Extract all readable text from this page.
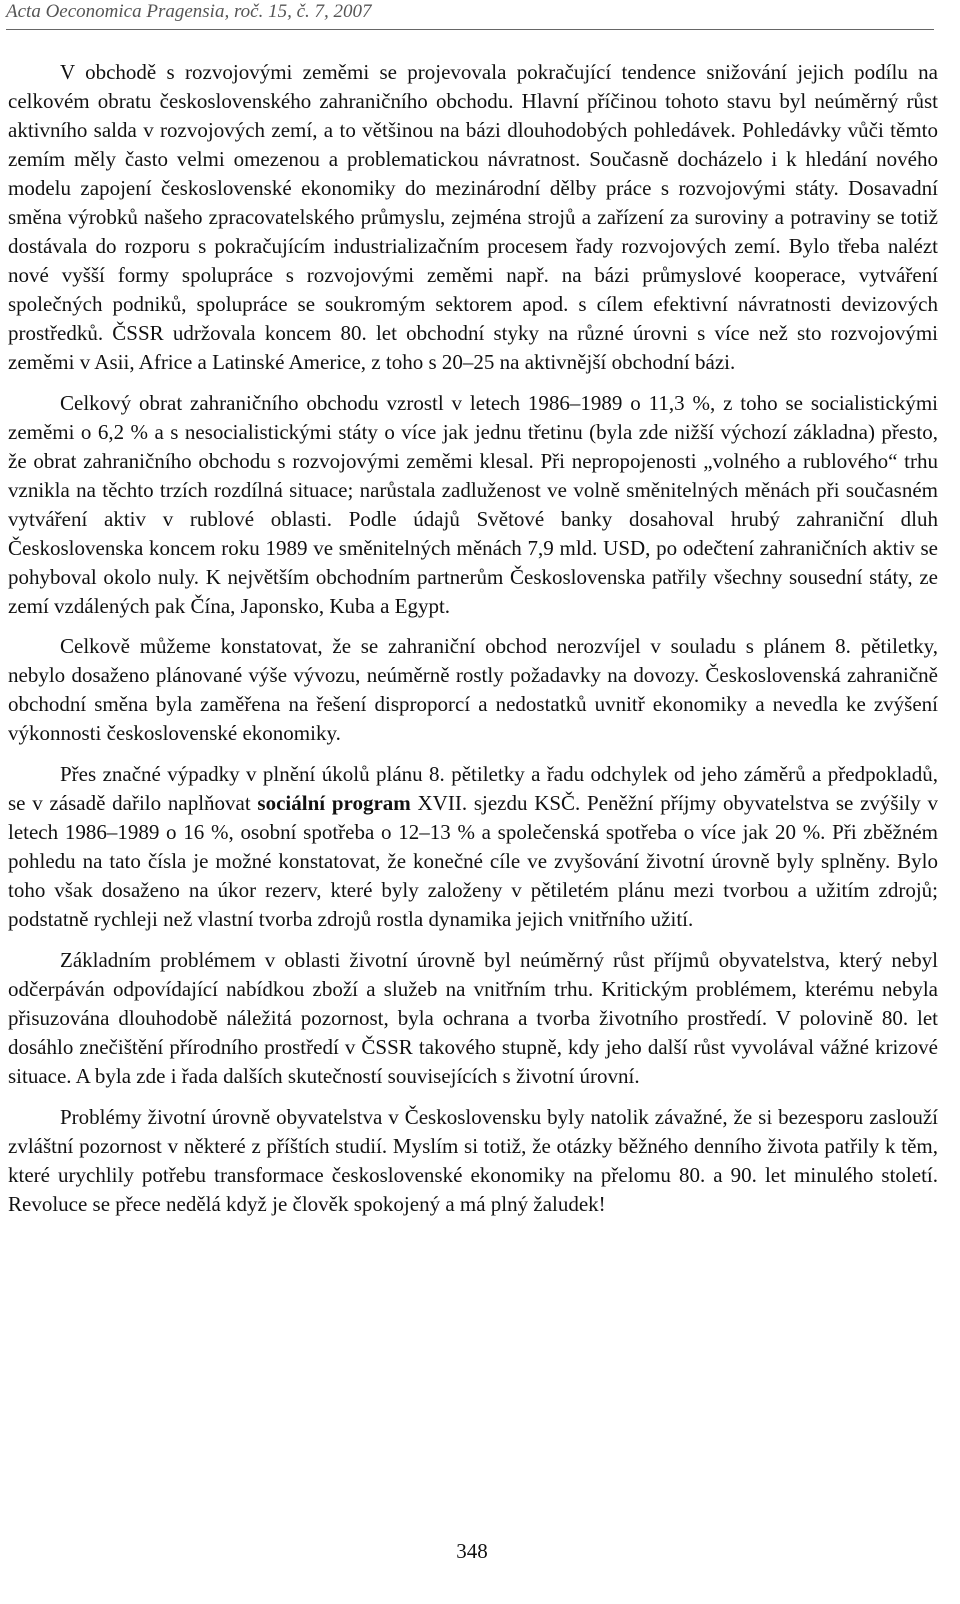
Acta Oeconomica Pragensia, roč. 15, č. 7, 2007

V obchodě s rozvojovými zeměmi se projevovala pokračující tendence snižování jejich podílu na celkovém obratu československého zahraničního obchodu. Hlavní příčinou tohoto stavu byl neúměrný růst aktivního salda v rozvojových zemí, a to většinou na bázi dlouhodobých pohledávek. Pohledávky vůči těmto zemím měly často velmi omezenou a problematickou návratnost. Současně docházelo i k hledání nového modelu zapojení československé ekonomiky do mezinárodní dělby práce s rozvojovými státy. Dosavadní směna výrobků našeho zpracovatelského průmyslu, zejména strojů a zařízení za suroviny a potraviny se totiž dostávala do rozporu s pokračujícím industrializačním procesem řady rozvojových zemí. Bylo třeba nalézt nové vyšší formy spolupráce s rozvojovými zeměmi např. na bázi průmyslové kooperace, vytváření společných podniků, spolupráce se soukromým sektorem apod. s cílem efektivní návratnosti devizových prostředků. ČSSR udržovala koncem 80. let obchodní styky na různé úrovni s více než sto rozvojovými zeměmi v Asii, Africe a Latinské Americe, z toho s 20–25 na aktivnější obchodní bázi.

Celkový obrat zahraničního obchodu vzrostl v letech 1986–1989 o 11,3 %, z toho se socialistickými zeměmi o 6,2 % a s nesocialistickými státy o více jak jednu třetinu (byla zde nižší výchozí základna) přesto, že obrat zahraničního obchodu s rozvojovými zeměmi klesal. Při nepropojenosti „volného a rublového“ trhu vznikla na těchto trzích rozdílná situace; narůstala zadluženost ve volně směnitelných měnách při současném vytváření aktiv v rublové oblasti. Podle údajů Světové banky dosahoval hrubý zahraniční dluh Československa koncem roku 1989 ve směnitelných měnách 7,9 mld. USD, po odečtení zahraničních aktiv se pohyboval okolo nuly. K největším obchodním partnerům Československa patřily všechny sousední státy, ze zemí vzdálených pak Čína, Japonsko, Kuba a Egypt.

Celkově můžeme konstatovat, že se zahraniční obchod nerozvíjel v souladu s plánem 8. pětiletky, nebylo dosaženo plánované výše vývozu, neúměrně rostly požadavky na dovozy. Československá zahraničně obchodní směna byla zaměřena na řešení disproporcí a nedostatků uvnitř ekonomiky a nevedla ke zvýšení výkonnosti československé ekonomiky.

Přes značné výpadky v plnění úkolů plánu 8. pětiletky a řadu odchylek od jeho záměrů a předpokladů, se v zásadě dařilo naplňovat sociální program XVII. sjezdu KSČ. Peněžní příjmy obyvatelstva se zvýšily v letech 1986–1989 o 16 %, osobní spotřeba o 12–13 % a společenská spotřeba o více jak 20 %. Při zběžném pohledu na tato čísla je možné konstatovat, že konečné cíle ve zvyšování životní úrovně byly splněny. Bylo toho však dosaženo na úkor rezerv, které byly založeny v pětiletém plánu mezi tvorbou a užitím zdrojů; podstatně rychleji než vlastní tvorba zdrojů rostla dynamika jejich vnitřního užití.

Základním problémem v oblasti životní úrovně byl neúměrný růst příjmů obyvatelstva, který nebyl odčerpáván odpovídající nabídkou zboží a služeb na vnitřním trhu. Kritickým problémem, kterému nebyla přisuzována dlouhodobě náležitá pozornost, byla ochrana a tvorba životního prostředí. V polovině 80. let dosáhlo znečištění přírodního prostředí v ČSSR takového stupně, kdy jeho další růst vyvolával vážné krizové situace. A byla zde i řada dalších skutečností souvisejících s životní úrovní.

Problémy životní úrovně obyvatelstva v Československu byly natolik závažné, že si bezesporu zaslouží zvláštní pozornost v některé z příštích studií. Myslím si totiž, že otázky běžného denního života patřily k těm, které urychlily potřebu transformace československé ekonomiky na přelomu 80. a 90. let minulého století. Revoluce se přece nedělá když je člověk spokojený a má plný žaludek!

348
